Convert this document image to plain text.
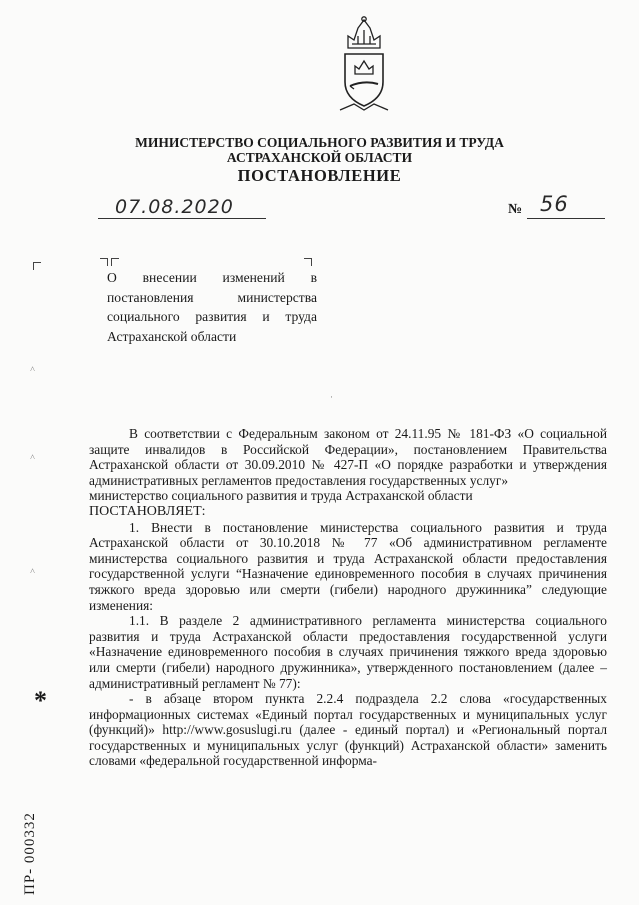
МИНИСТЕРСТВО СОЦИАЛЬНОГО РАЗВИТИЯ И ТРУДА
АСТРАХАНСКОЙ ОБЛАСТИ
ПОСТАНОВЛЕНИЕ
07.08.2020	№ 56
О внесении изменений в постановления министерства социального развития и труда Астраханской области
˄
·
˄
˄

В соответствии с Федеральным законом от 24.11.95 № 181-ФЗ «О социальной защите инвалидов в Российской Федерации», постановлением Правительства Астраханской области от 30.09.2010 № 427-П «О порядке разработки и утверждения административных регламентов предоставления государственных услуг»

министерство социального развития и труда Астраханской области

ПОСТАНОВЛЯЕТ:

1. Внести в постановление министерства социального развития и труда Астраханской области от 30.10.2018 № 77 «Об административном регламенте министерства социального развития и труда Астраханской области предоставления государственной услуги “Назначение единовременного пособия в случаях причинения тяжкого вреда здоровью или смерти (гибели) народного дружинника” следующие изменения:

1.1. В разделе 2 административного регламента министерства социального развития и труда Астраханской области предоставления государственной услуги «Назначение единовременного пособия в случаях причинения тяжкого вреда здоровью или смерти (гибели) народного дружинника», утвержденного постановлением (далее – административный регламент № 77):

- в абзаце втором пункта 2.2.4 подраздела 2.2 слова «государственных информационных системах «Единый портал государственных и муниципальных услуг (функций)» http://www.gosuslugi.ru (далее - единый портал) и «Региональный портал государственных и муниципальных услуг (функций) Астраханской области» заменить словами «федеральной государственной информа-

*
ПР- 000332
